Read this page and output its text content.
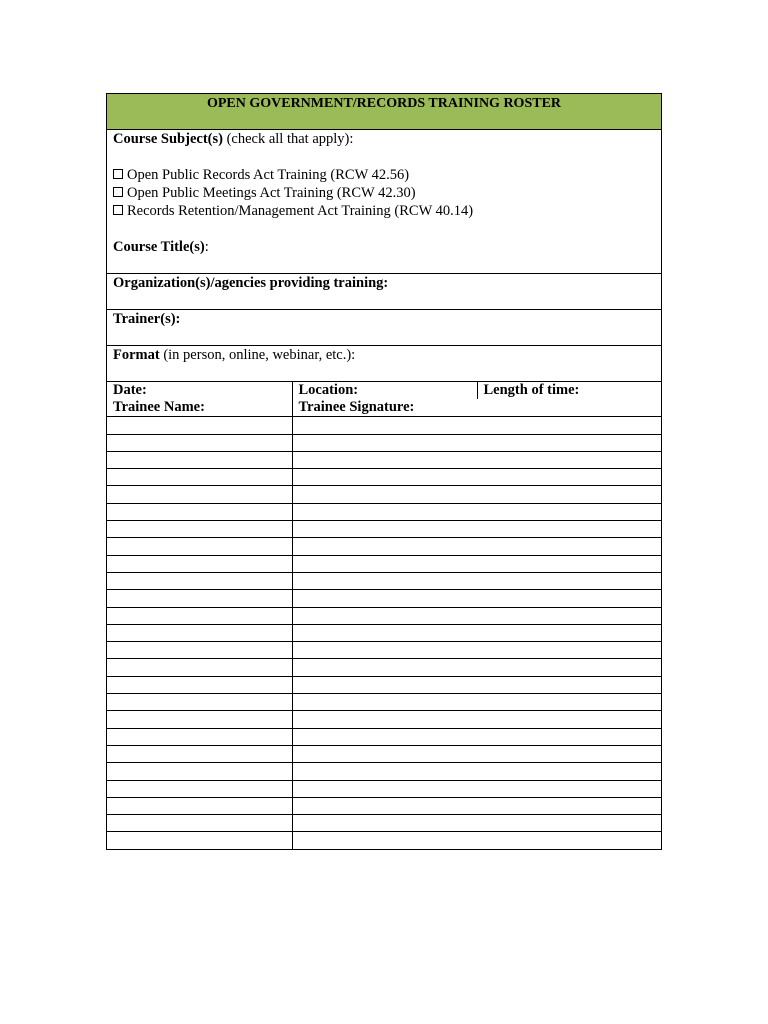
OPEN GOVERNMENT/RECORDS TRAINING ROSTER
Course Subject(s) (check all that apply):
Open Public Records Act Training (RCW 42.56)
Open Public Meetings Act Training (RCW 42.30)
Records Retention/Management Act Training (RCW 40.14)
Course Title(s):
Organization(s)/agencies providing training:
Trainer(s):
Format (in person, online, webinar, etc.):
Date:	Location:	Length of time:
Trainee Name:	Trainee Signature:
